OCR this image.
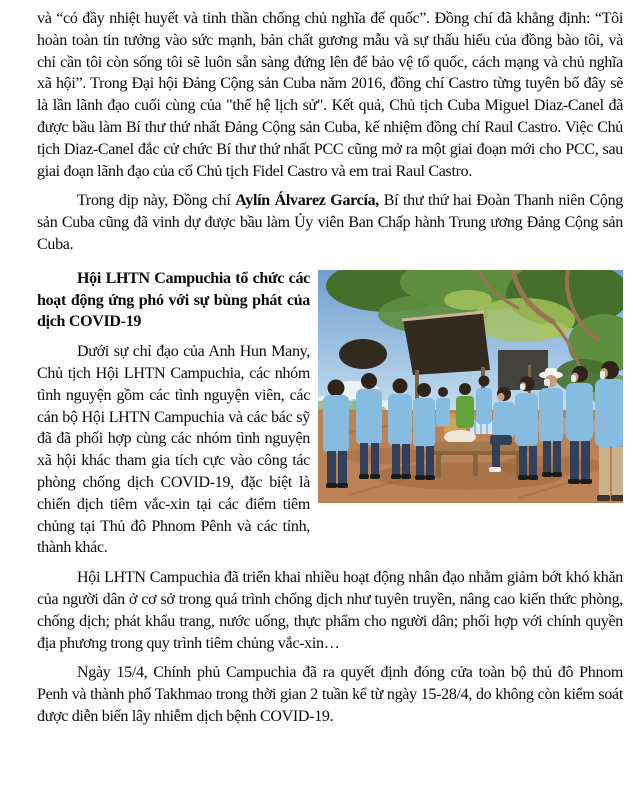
và “có đầy nhiệt huyết và tinh thần chống chủ nghĩa đế quốc”. Đồng chí đã khẳng định: “Tôi hoàn toàn tin tưởng vào sức mạnh, bản chất gương mẫu và sự thấu hiểu của đồng bào tôi, và chỉ cần tôi còn sống tôi sẽ luôn sẵn sàng đứng lên để bảo vệ tổ quốc, cách mạng và chủ nghĩa xã hội”. Trong Đại hội Đảng Cộng sản Cuba năm 2016, đồng chí Castro từng tuyên bố đây sẽ là lần lãnh đạo cuối cùng của "thế hệ lịch sử". Kết quả, Chủ tịch Cuba Miguel Diaz-Canel đã được bầu làm Bí thư thứ nhất Đảng Cộng sản Cuba, kế nhiệm đồng chí Raul Castro. Việc Chủ tịch Diaz-Canel đắc cử chức Bí thư thứ nhất PCC cũng mở ra một giai đoạn mới cho PCC, sau giai đoạn lãnh đạo của cố Chủ tịch Fidel Castro và em trai Raul Castro.

Trong dịp này, Đồng chí Aylín Álvarez García, Bí thư thứ hai Đoàn Thanh niên Cộng sản Cuba cũng đã vinh dự được bầu làm Ủy viên Ban Chấp hành Trung ương Đảng Cộng sản Cuba.

Hội LHTN Campuchia tổ chức các hoạt động ứng phó với sự bùng phát của dịch COVID-19

Dưới sự chỉ đạo của Anh Hun Many, Chủ tịch Hội LHTN Campuchia, các nhóm tình nguyện gồm các tình nguyện viên, các cán bộ Hội LHTN Campuchia và các bác sỹ đã đã phối hợp cùng các nhóm tình nguyện xã hội khác tham gia tích cực vào công tác phòng chống dịch COVID-19, đặc biệt là chiến dịch tiêm vắc-xin tại các điểm tiêm chủng tại Thủ đô Phnom Pênh và các tỉnh, thành khác.

Hội LHTN Campuchia đã triển khai nhiều hoạt động nhân đạo nhằm giảm bớt khó khăn của người dân ở cơ sở trong quá trình chống dịch như tuyên truyền, nâng cao kiến thức phòng, chống dịch; phát khẩu trang, nước uống, thực phẩm cho người dân; phối hợp với chính quyền địa phương trong quy trình tiêm chủng vắc-xin…

Ngày 15/4, Chính phủ Campuchia đã ra quyết định đóng cửa toàn bộ thủ đô Phnom Penh và thành phố Takhmao trong thời gian 2 tuần kể từ ngày 15-28/4, do không còn kiểm soát được diễn biến lây nhiễm dịch bệnh COVID-19.
